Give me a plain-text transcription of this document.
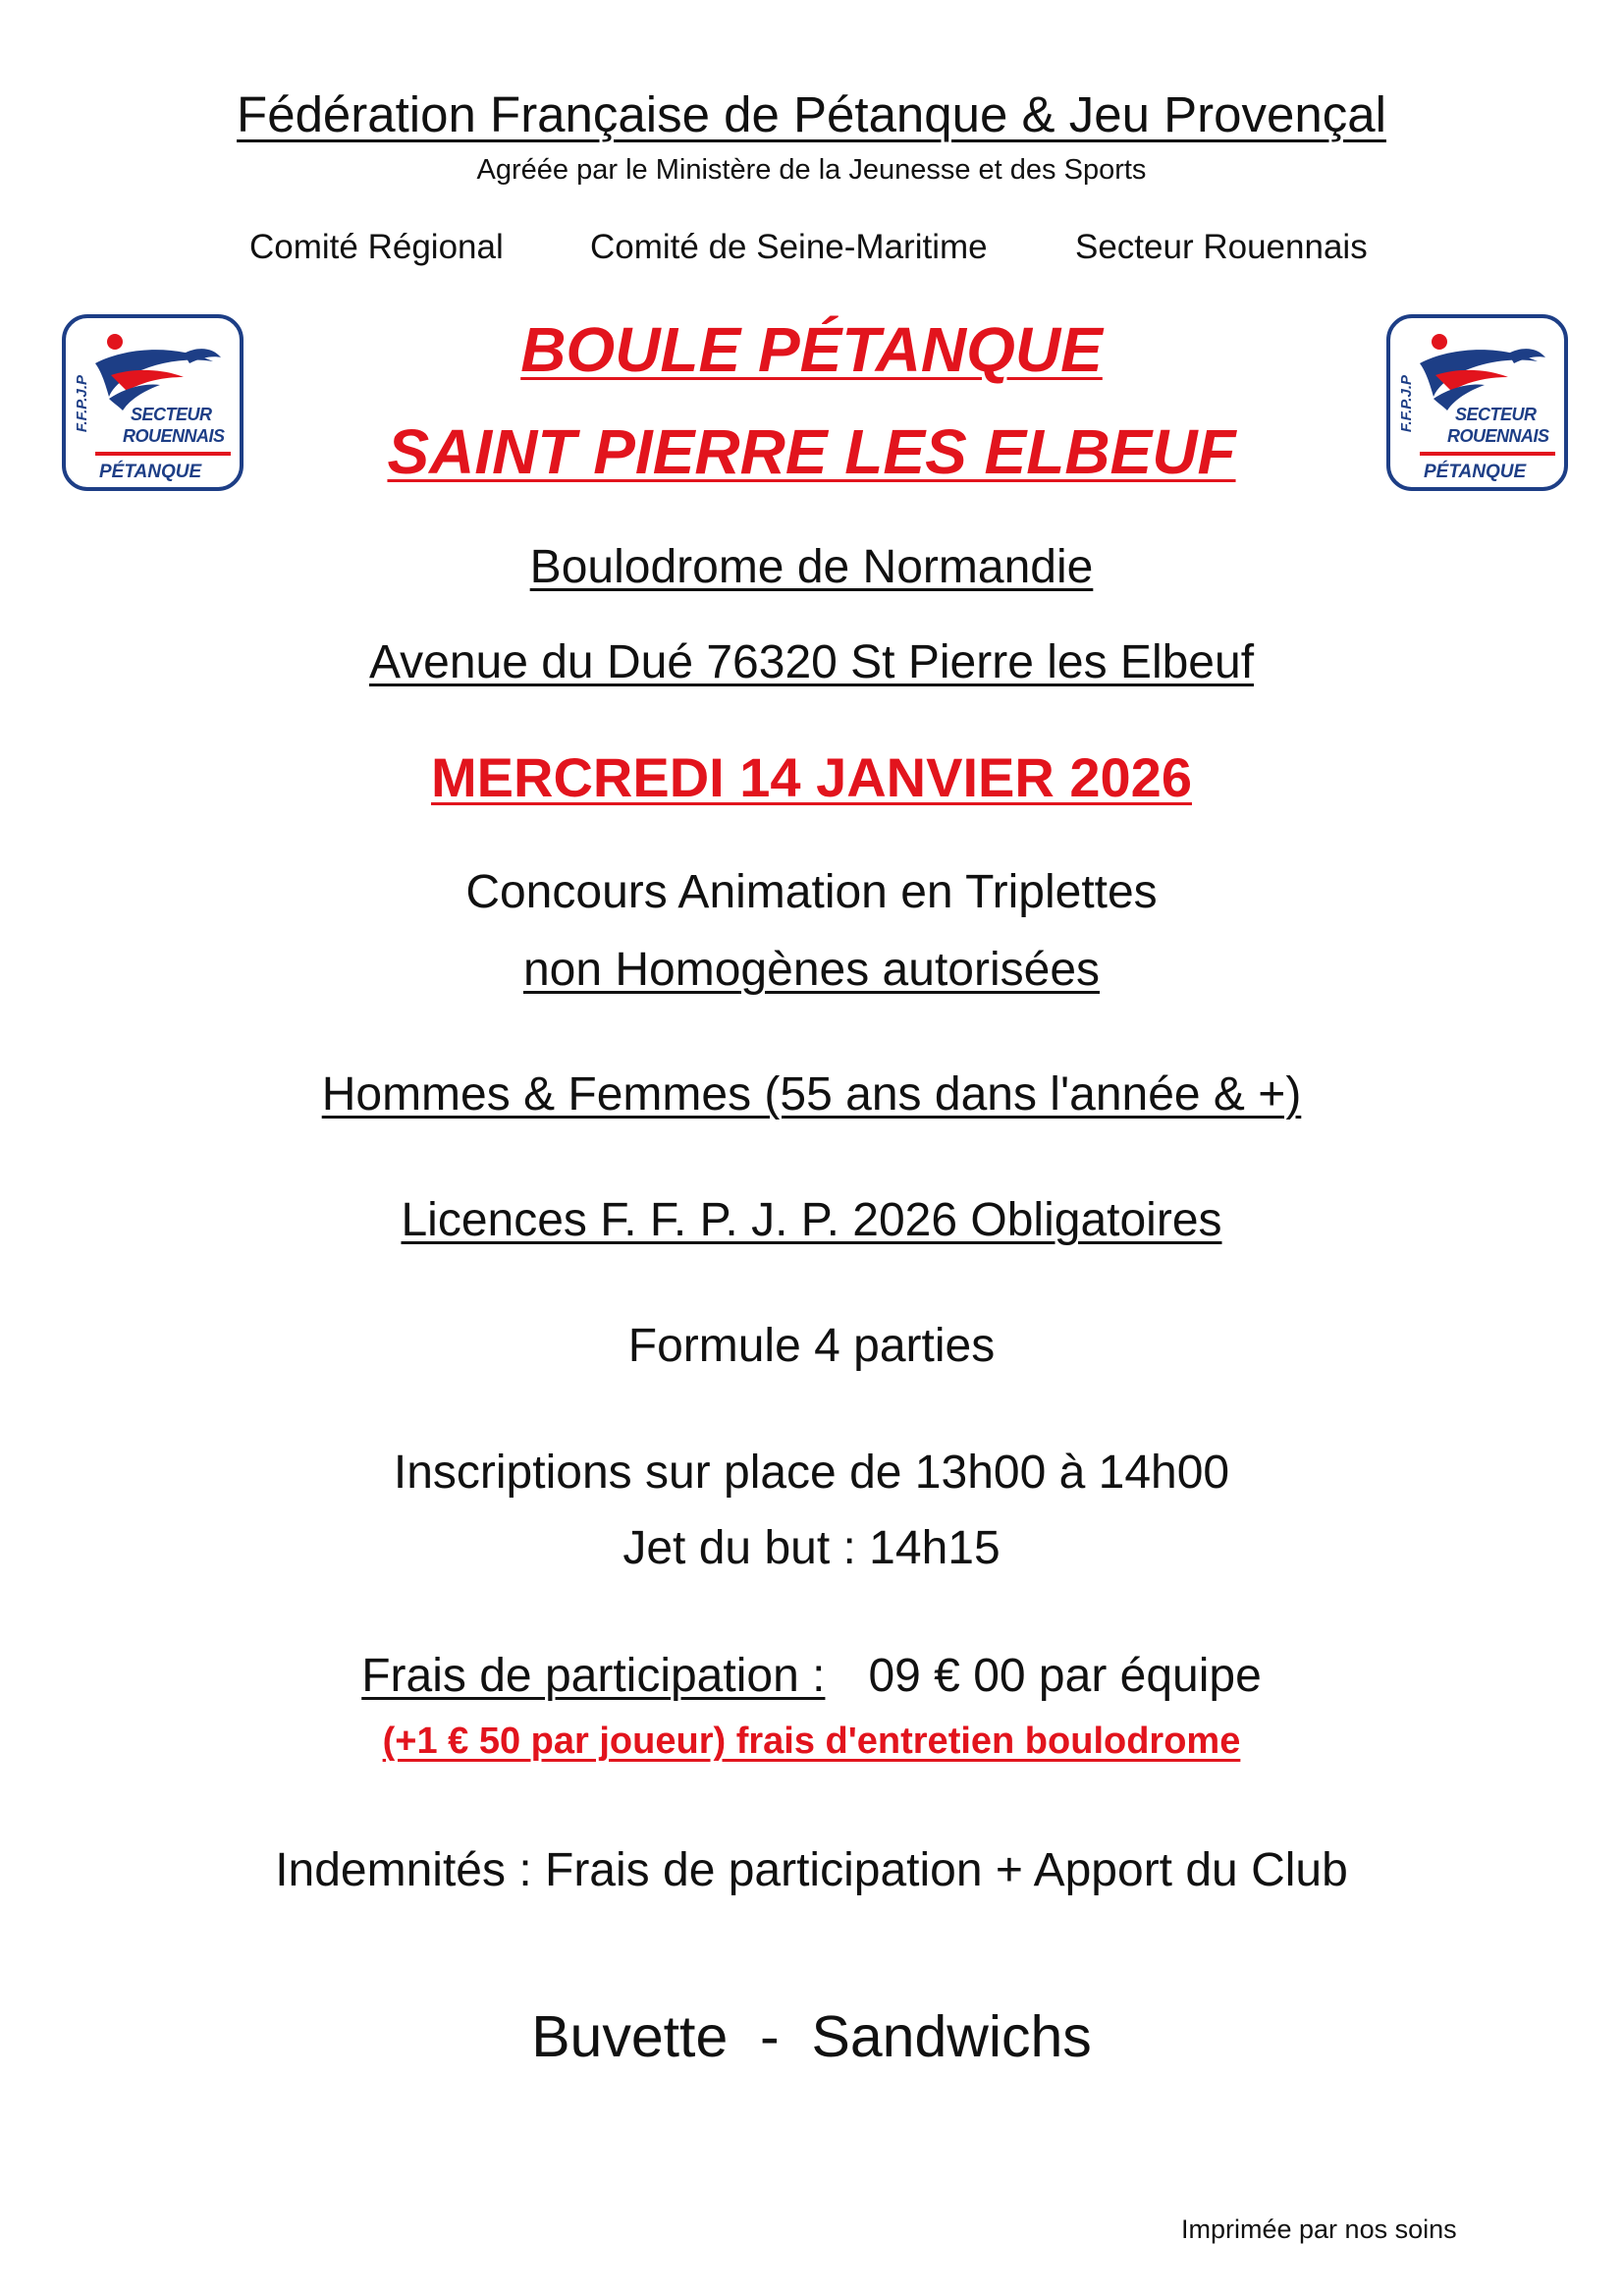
Fédération Française de Pétanque & Jeu Provençal
Agréée par le Ministère de la Jeunesse et des Sports
Comité Régional	Comité de Seine-Maritime	Secteur Rouennais
F.F.P.J.P SECTEUR
ROUENNAIS
PÉTANQUE
F.F.P.J.P SECTEUR
ROUENNAIS
PÉTANQUE
BOULE PÉTANQUE
SAINT PIERRE LES ELBEUF
Boulodrome de Normandie
Avenue du Dué 76320 St Pierre les Elbeuf
MERCREDI 14 JANVIER 2026
Concours Animation en Triplettes
non Homogènes autorisées
Hommes & Femmes (55 ans dans l'année & +)
Licences F. F. P. J. P. 2026 Obligatoires
Formule 4 parties
Inscriptions sur place de 13h00 à 14h00
Jet du but : 14h15
Frais de participation : 09 € 00 par équipe
(+1 € 50 par joueur) frais d'entretien boulodrome
Indemnités : Frais de participation + Apport du Club
Buvette  -  Sandwichs
Imprimée par nos soins
